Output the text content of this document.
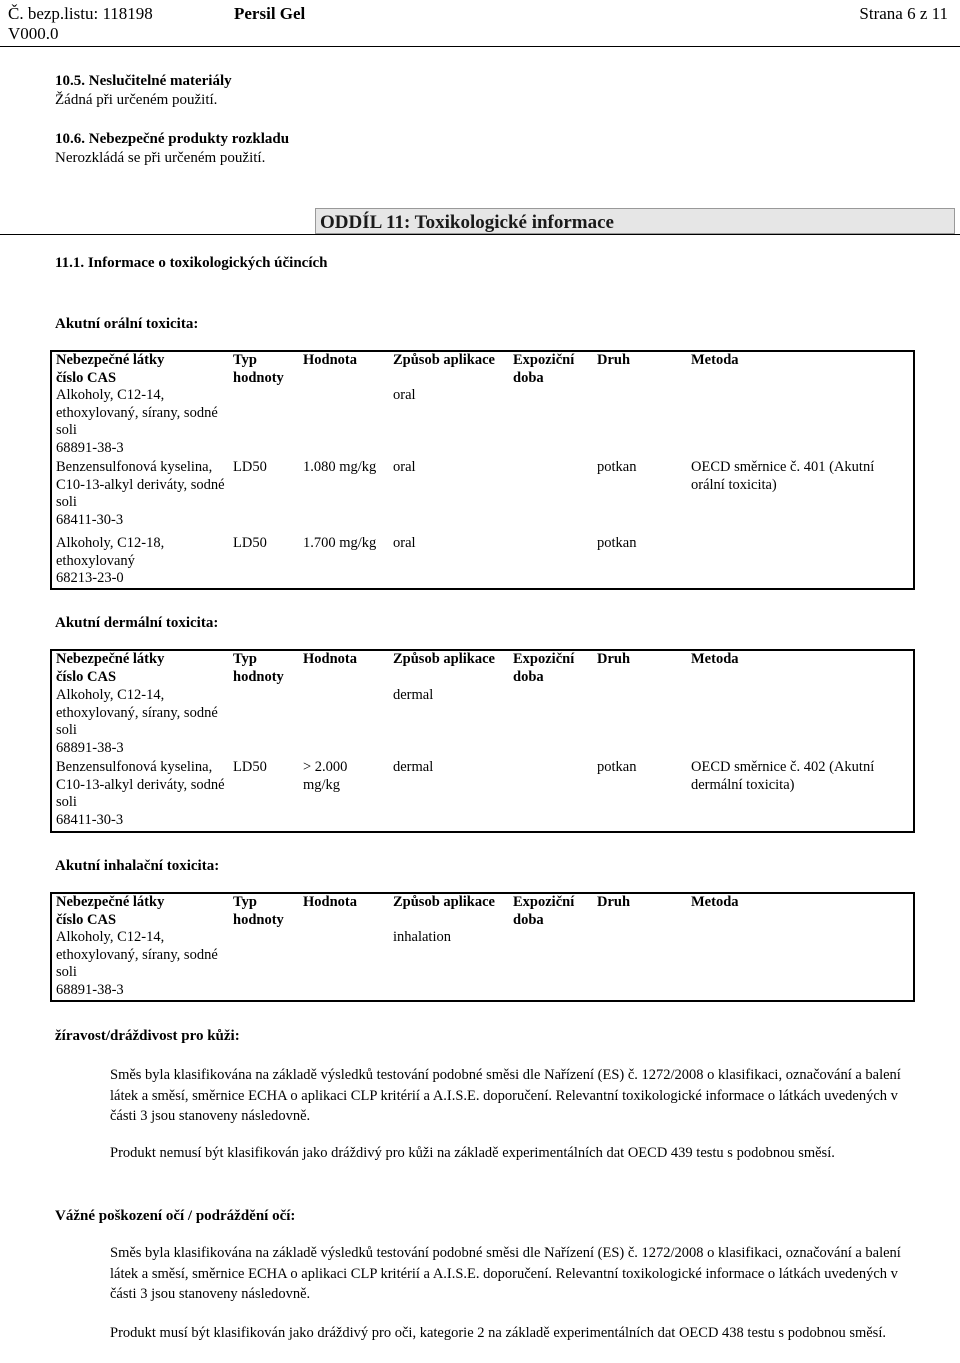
Č. bezp.listu: 118198
V000.0
Persil Gel	Strana 6 z 11
10.5. Neslučitelné materiály
Žádná při určeném použití.
10.6. Nebezpečné produkty rozkladu
Nerozkládá se při určeném použití.
ODDÍL 11: Toxikologické informace
11.1. Informace o toxikologických účincích
Akutní orální toxicita:
Nebezpečné látky
číslo CAS	Typ hodnoty	Hodnota	Způsob aplikace	Expoziční doba	Druh	Metoda

Alkoholy, C12-14, ethoxylovaný, sírany, sodné soli
68891-38-3			oral			

Benzensulfonová kyselina, C10-13-alkyl deriváty, sodné soli
68411-30-3	LD50	1.080 mg/kg	oral		potkan	OECD směrnice č. 401 (Akutní orální toxicita)

Alkoholy, C12-18, ethoxylovaný
68213-23-0	LD50	1.700 mg/kg	oral		potkan	
Akutní dermální toxicita:
Nebezpečné látky
číslo CAS	Typ hodnoty	Hodnota	Způsob aplikace	Expoziční doba	Druh	Metoda

Alkoholy, C12-14, ethoxylovaný, sírany, sodné soli
68891-38-3			dermal			

Benzensulfonová kyselina, C10-13-alkyl deriváty, sodné soli
68411-30-3	LD50	> 2.000 mg/kg	dermal		potkan	OECD směrnice č. 402 (Akutní dermální toxicita)
Akutní inhalační toxicita:
Nebezpečné látky
číslo CAS	Typ hodnoty	Hodnota	Způsob aplikace	Expoziční doba	Druh	Metoda

Alkoholy, C12-14, ethoxylovaný, sírany, sodné soli
68891-38-3			inhalation			
žíravost/dráždivost pro kůži:
Směs byla klasifikována na základě výsledků testování podobné směsi dle Nařízení (ES) č. 1272/2008 o klasifikaci, označování a balení látek a směsí, směrnice ECHA o aplikaci CLP kritérií a A.I.S.E. doporučení. Relevantní toxikologické informace o látkách uvedených v části 3 jsou stanoveny následovně.
Produkt nemusí být klasifikován jako dráždivý pro kůži na základě experimentálních dat OECD 439 testu s podobnou směsí.
Vážné poškození očí / podráždění očí:
Směs byla klasifikována na základě výsledků testování podobné směsi dle Nařízení (ES) č. 1272/2008 o klasifikaci, označování a balení látek a směsí, směrnice ECHA o aplikaci CLP kritérií a A.I.S.E. doporučení. Relevantní toxikologické informace o látkách uvedených v části 3 jsou stanoveny následovně.
Produkt musí být klasifikován jako dráždivý pro oči, kategorie 2 na základě experimentálních dat OECD 438 testu s podobnou směsí.
